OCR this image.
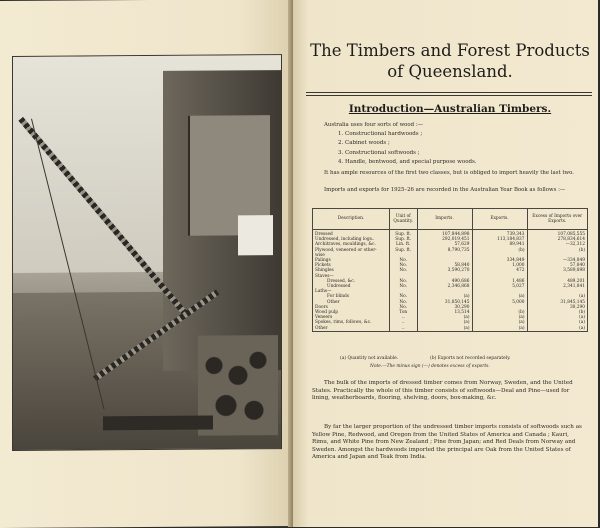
The Timbers and Forest Products
of Queensland.
Introduction—Australian Timbers.
Australia uses four sorts of wood :—
1. Constructional hardwoods ;
2. Cabinet woods ;
3. Constructional softwoods ;
4. Handle, bentwood, and special purpose woods.
It has ample resources of the first two classes, but is obliged to import heavily the last two.
Imports and exports for 1925–26 are recorded in the Australian Year Book as follows :—
Description.	Unit of Quantity.	Imports.	Exports.	Excess of Imports over Exports.
Dressed	Sup. ft.	107,844,898	739,343	107,085,555
Undressed, including logs..	Sup. ft.	292,019,451	113,184,837	278,834,614
Architraves, mouldings, &c.	Lin. ft.	57,629	89,941	—32,312
Plywood, veneered or other-	Sup. ft.	8,790,735	(b)	(b)
wise				
Palings	No.		334,849	—334,849
Pickets	No.	58,840	1,000	57,840
Shingles	No.	3,590,270	472	3,589,898
Staves—				
Dressed, &c.	No.	490,686	1,486	489,201
Undressed	No.	2,346,868	5,027	2,341,841
Laths—				
For blinds	No.	(a)	(a)	(a)
Other	No.	31,850,145	5,000	31,845,145
Doors	No.	30,290		30,290
Wood pulp	Ton	13,514	(b)	(b)
Veneers	..	(a)	(a)	(a)
Spokes, rims, follows, &c.	..	(a)	(a)	(a)
Other	..	(a)	(a)	(a)
(a) Quantity not available.	(b) Exports not recorded separately.
Note.—The minus sign (—) denotes excess of exports.
The bulk of the imports of dressed timber comes from Norway, Sweden, and the United States. Practically the whole of this timber consists of softwoods—Deal and Pine—used for lining, weatherboards, flooring, shelving, doors, box-making, &c.
By far the larger proportion of the undressed timber imports consists of softwoods such as Yellow Pine, Redwood, and Oregon from the United States of America and Canada ; Kauri, Rimu, and White Pine from New Zealand ; Pine from Japan; and Red Deals from Norway and Sweden. Amongst the hardwoods imported the principal are Oak from the United States of America and Japan and Teak from India.
